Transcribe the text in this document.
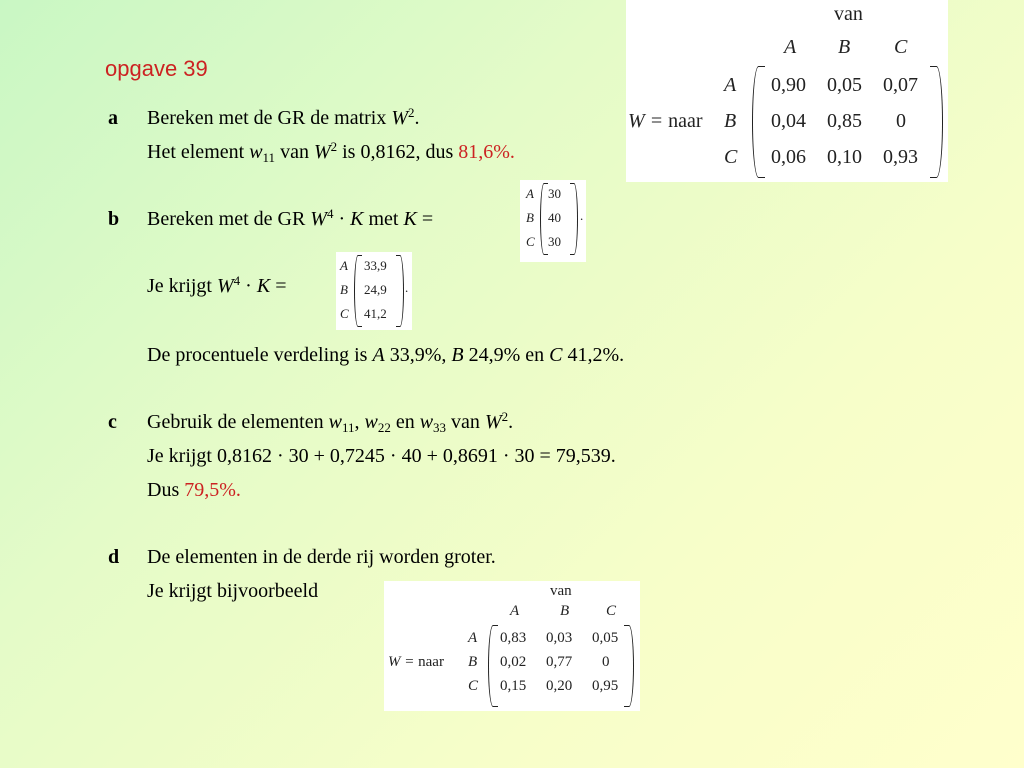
opgave 39
van
A B C
W = naar
A
B
C
0,90 0,05 0,07
0,04 0,85 0
0,06 0,10 0,93
a Bereken met de GR de matrix $W^2$.
Het element $w_{11}$ van $W^2$ is 0,8162, dus 81,6%.
b Bereken met de GR $W^4 \cdot K$ met K =
A
B
C
30
40
30
.
Je krijgt $W^4 \cdot K$ =
A
B
C
33,9
24,9
41,2
.
De procentuele verdeling is A 33,9%, B 24,9% en C 41,2%.
c Gebruik de elementen $w_{11}$, $w_{22}$ en $w_{33}$ van $W^2$.
Je krijgt 0,8162 · 30 + 0,7245 · 40 + 0,8691 · 30 = 79,539.
Dus 79,5%.
d De elementen in de derde rij worden groter.
Je krijgt bijvoorbeeld	van
A	B C
W = naar
A
B
C
0,83 0,03 0,05
0,02 0,77 0
0,15 0,20 0,95
